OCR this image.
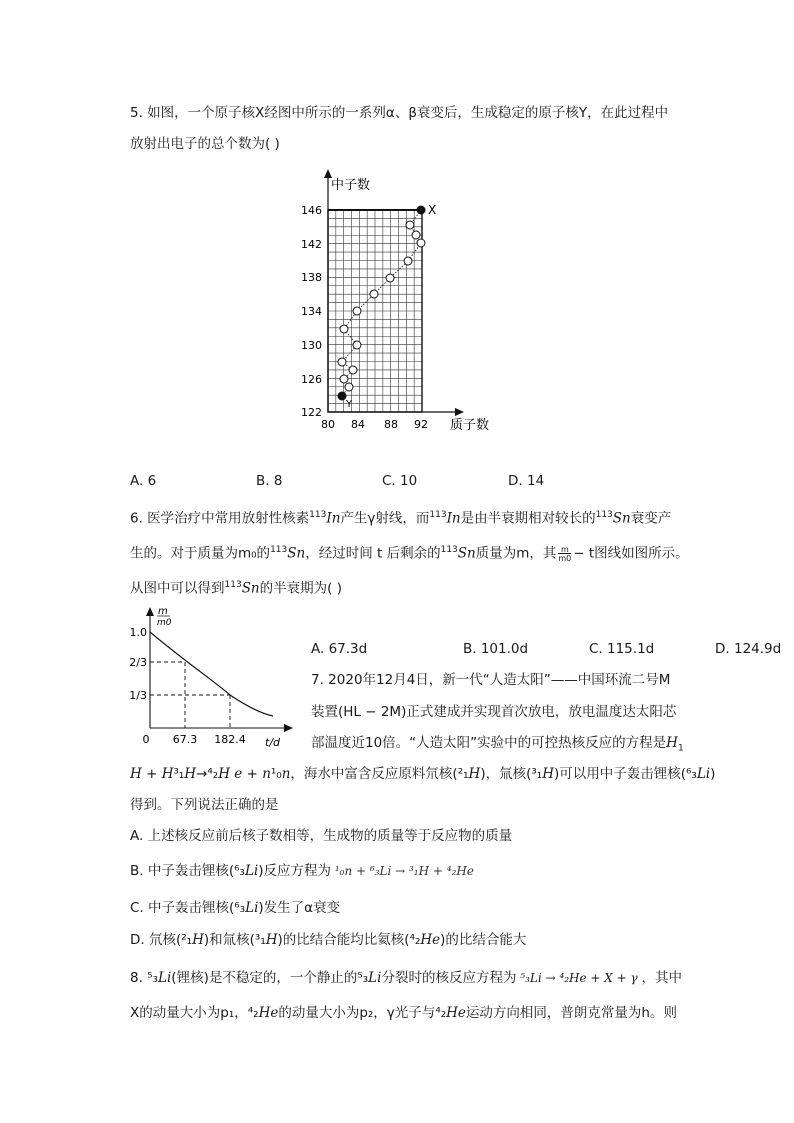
5. 如图，一个原子核X经图中所示的一系列α、β衰变后，生成稳定的原子核Y，在此过程中
放射出电子的总个数为( )
X
Y
中子数
质子数
146
142
138
134
130
126
122
80 84 88 92
A. 6	B. 8	C. 10	D. 14
6. 医学治疗中常用放射性核素$^{113}$In产生γ射线，而$^{113}$In是由半衰期相对较长的$^{113}$Sn衰变产
生的。对于质量为m₀的$^{113}$Sn，经过时间 t 后剩余的$^{113}$Sn质量为m，其 $\frac{m}{m0} - t$图线如图所示。
从图中可以得到$^{113}$Sn的半衰期为( )
m
m0
1.0
2/3
1/3
0 67.3 182.4 t/d
A. 67.3d	B. 101.0d	C. 115.1d	D. 124.9d
7. 2020年12月4日，新一代“人造太阳”——中国环流二号M
装置(HL − 2M)正式建成并实现首次放电，放电温度达太阳芯
部温度近10倍。“人造太阳”实验中的可控热核反应的方程是$H_1$
H + H³₁H→⁴₂H e + n¹₀n，海水中富含反应原料氘核(²₁H)，氚核(³₁H)可以用中子轰击锂核(⁶₃Li)
得到。下列说法正确的是
A. 上述核反应前后核子数相等，生成物的质量等于反应物的质量
B. 中子轰击锂核(⁶₃Li)反应方程为 ¹₀n + ⁶₃Li → ³₁H + ⁴₂He
C. 中子轰击锂核(⁶₃Li)发生了α衰变
D. 氘核(²₁H)和氚核(³₁H)的比结合能均比氦核(⁴₂He)的比结合能大
8. ⁵₃Li(锂核)是不稳定的，一个静止的⁵₃Li分裂时的核反应方程为 ⁵₃Li → ⁴₂He + X + γ ，其中
X的动量大小为p₁，⁴₂He的动量大小为p₂，γ光子与⁴₂He运动方向相同，普朗克常量为h。则
